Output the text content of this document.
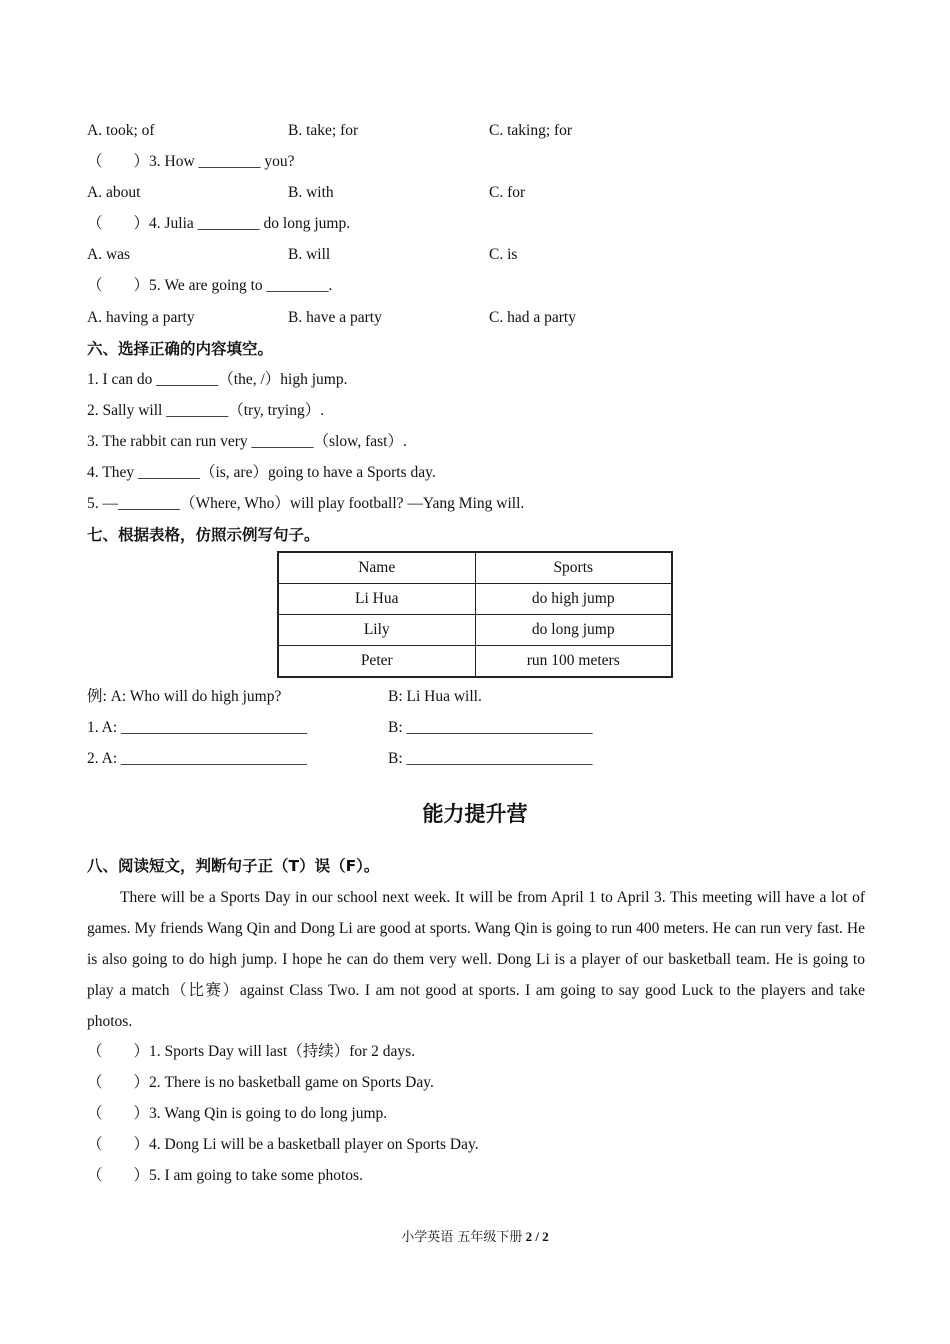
A. took; of	B. take; for	C. taking; for
（　　）3. How ________ you?
A. about	B. with	C. for
（　　）4. Julia ________ do long jump.
A. was	B. will	C. is
（　　）5. We are going to ________.
A. having a party	B. have a party	C. had a party
六、选择正确的内容填空。
1. I can do ________（the, /）high jump.
2. Sally will ________（try, trying）.
3. The rabbit can run very ________（slow, fast）.
4. They ________（is, are）going to have a Sports day.
5. —________（Where, Who）will play football? —Yang Ming will.
七、根据表格，仿照示例写句子。
Name	Sports
Li Hua	do high jump
Lily	do long jump
Peter	run 100 meters
例: A: Who will do high jump?	B: Li Hua will.
1. A: ________________________	B: ________________________
2. A: ________________________	B: ________________________
能力提升营
八、阅读短文，判断句子正（T）误（F）。

There will be a Sports Day in our school next week. It will be from April 1 to April 3. This meeting will have a lot of games. My friends Wang Qin and Dong Li are good at sports. Wang Qin is going to run 400 meters. He can run very fast. He is also going to do high jump. I hope he can do them very well. Dong Li is a player of our basketball team. He is going to play a match（比赛）against Class Two. I am not good at sports. I am going to say good Luck to the players and take photos.

（　　）1. Sports Day will last（持续）for 2 days.
（　　）2. There is no basketball game on Sports Day.
（　　）3. Wang Qin is going to do long jump.
（　　）4. Dong Li will be a basketball player on Sports Day.
（　　）5. I am going to take some photos.
小学英语 五年级下册 2 / 2
